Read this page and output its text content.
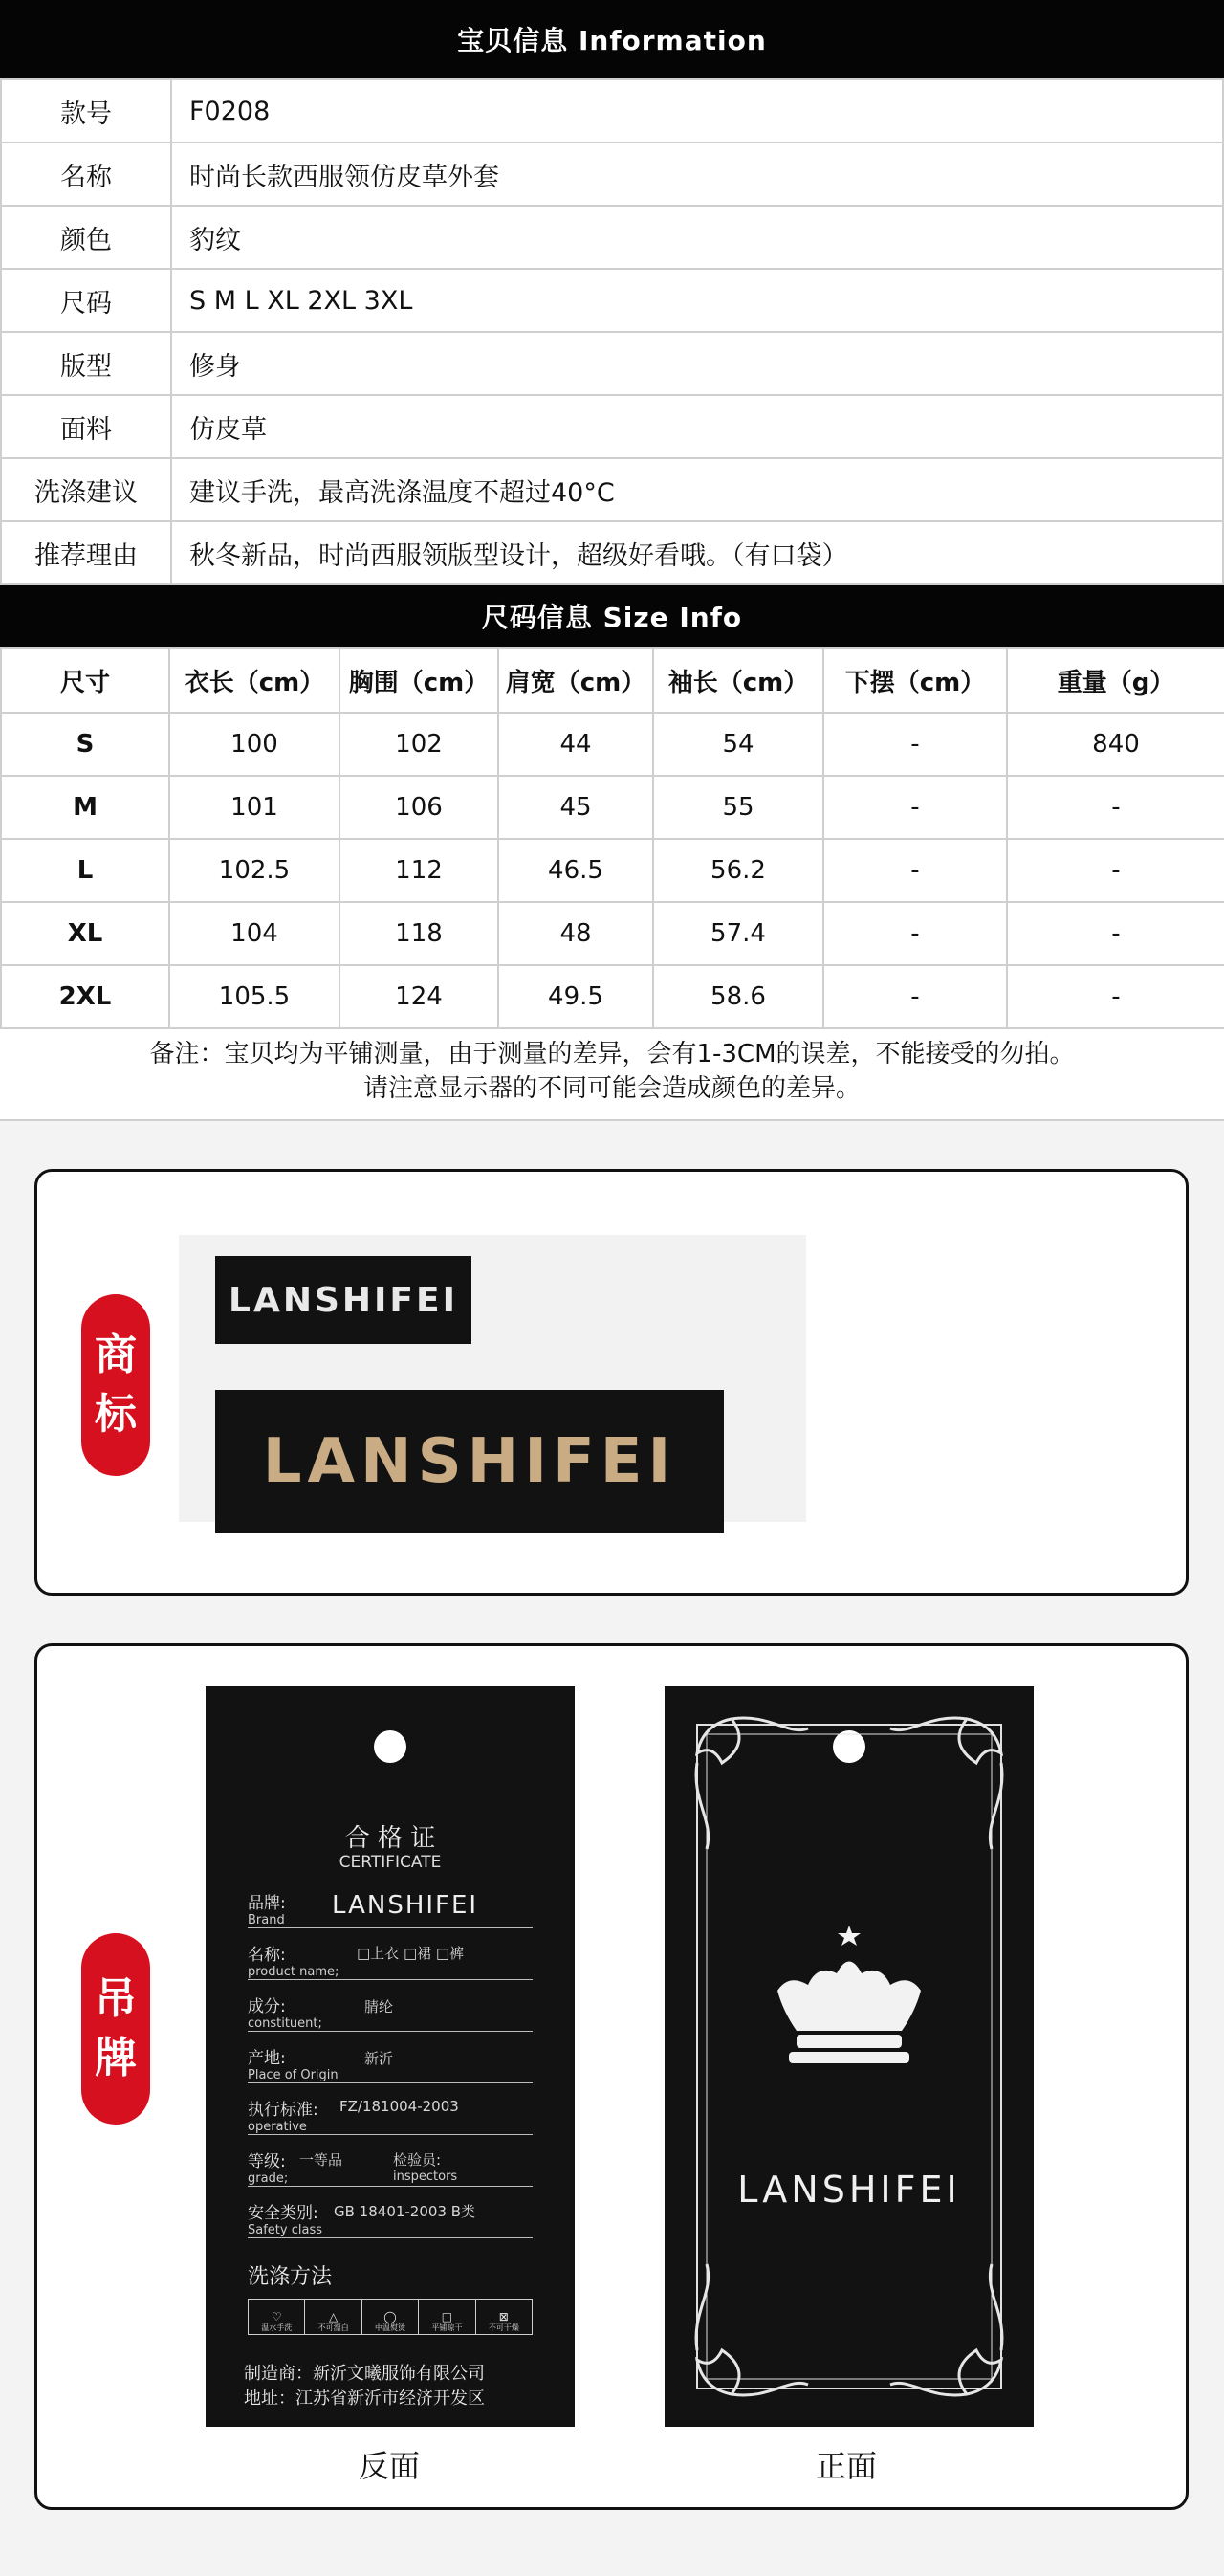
宝贝信息 Information
款号	F0208
名称	时尚长款西服领仿皮草外套
颜色	豹纹
尺码	S M L XL 2XL 3XL
版型	修身
面料	仿皮草
洗涤建议	建议手洗，最高洗涤温度不超过40°C
推荐理由	秋冬新品，时尚西服领版型设计，超级好看哦。（有口袋）
尺码信息 Size Info
尺寸	衣长（cm）	胸围（cm）	肩宽（cm）	袖长（cm）	下摆（cm）	重量（g）
S	100	102	44	54	-	840
M	101	106	45	55	-	-
L	102.5	112	46.5	56.2	-	-
XL	104	118	48	57.4	-	-
2XL	105.5	124	49.5	58.6	-	-
备注：宝贝均为平铺测量，由于测量的差异，会有1-3CM的误差，不能接受的勿拍。
请注意显示器的不同可能会造成颜色的差异。
商
标
LANSHIFEI
LANSHIFEI
吊
牌
合 格 证
CERTIFICATE
品牌:
Brand
LANSHIFEI
名称:
product name;
□上衣 □裙 □裤
成分:
constituent;
腈纶
产地:
Place of Origin
新沂
执行标准:
operative
FZ/181004-2003
等级:
grade;
一等品	检验员:
inspectors
安全类别:
Safety class
GB 18401-2003 B类
洗涤方法
♡
温水手洗
△
不可漂白
◯
中温熨烫
□
平铺晾干
⊠
不可干燥
制造商：新沂文曦服饰有限公司
地址：江苏省新沂市经济开发区
LANSHIFEI
反面	正面
